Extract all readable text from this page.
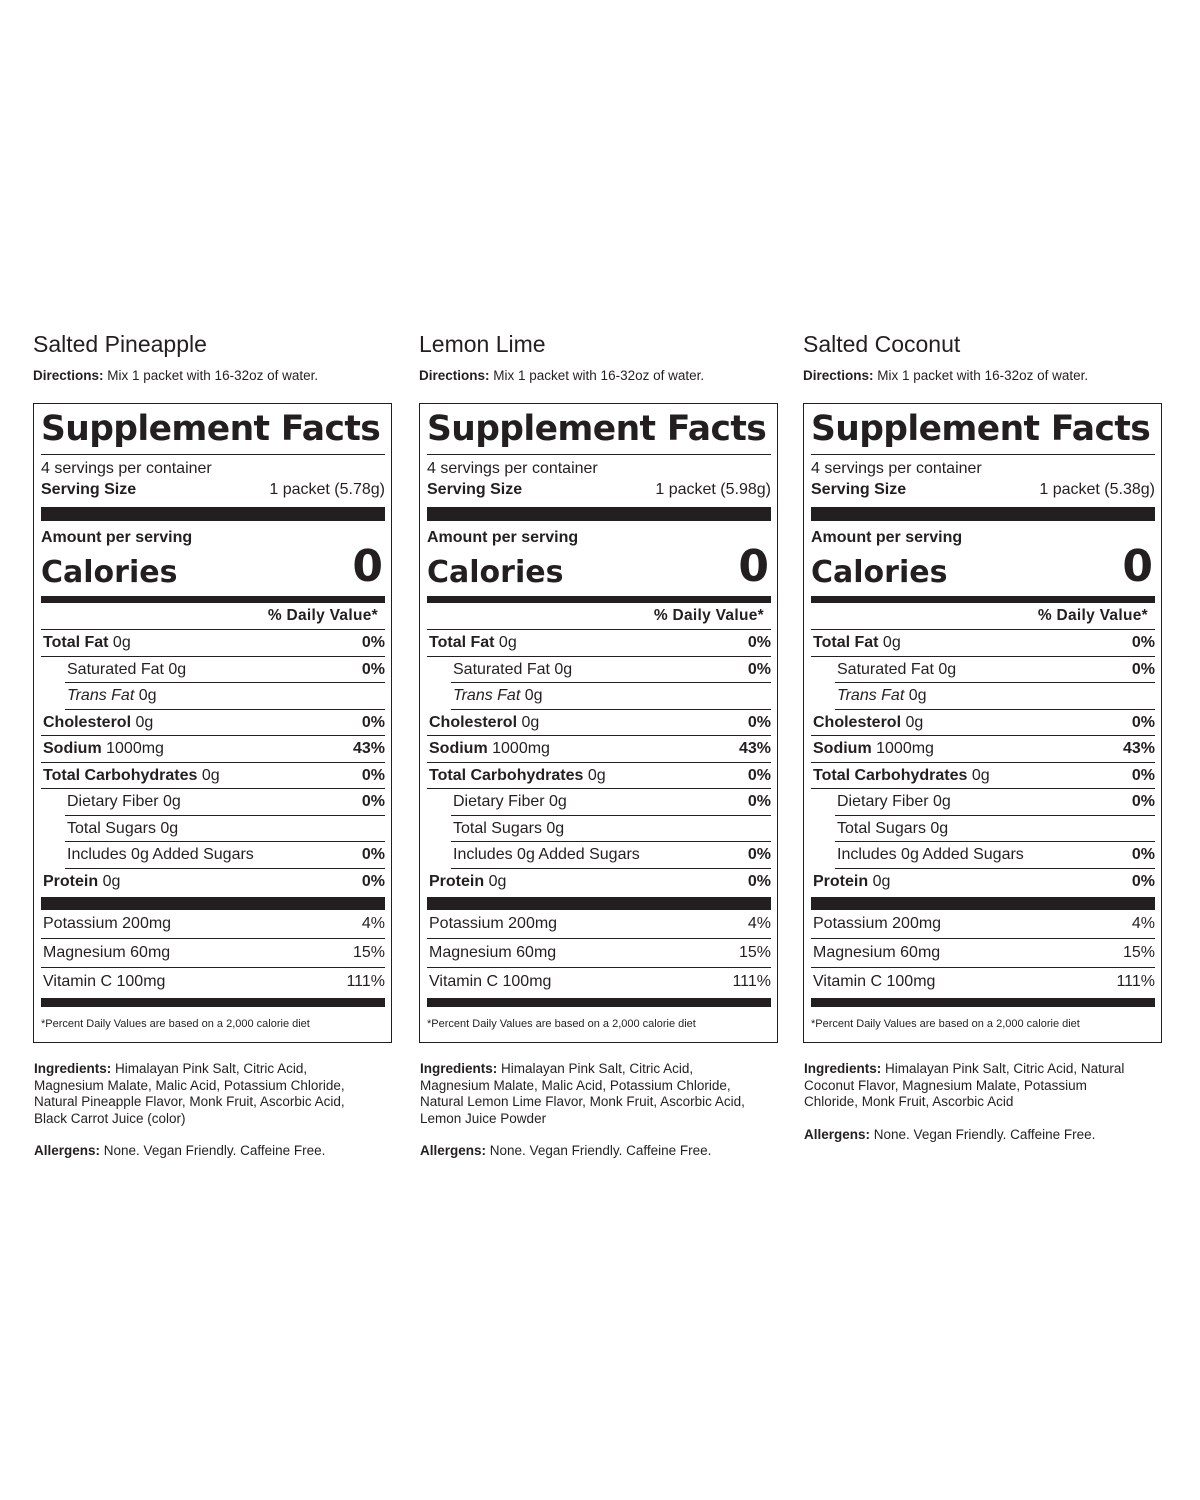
Salted Pineapple

Directions: Mix 1 packet with 16-32oz of water.

Supplement Facts
4 servings per container
Serving Size	1 packet (5.78g)
Amount per serving
Calories	0
% Daily Value*
Total Fat 0g	0%
Saturated Fat 0g	0%
Trans Fat 0g
Cholesterol 0g	0%
Sodium 1000mg	43%
Total Carbohydrates 0g	0%
Dietary Fiber 0g	0%
Total Sugars 0g
Includes 0g Added Sugars	0%
Protein 0g	0%
Potassium 200mg	4%
Magnesium 60mg	15%
Vitamin C 100mg	111%
*Percent Daily Values are based on a 2,000 calorie diet

Ingredients: Himalayan Pink Salt, Citric Acid, Magnesium Malate, Malic Acid, Potassium Chloride, Natural Pineapple Flavor, Monk Fruit, Ascorbic Acid, Black Carrot Juice (color)

Allergens: None. Vegan Friendly. Caffeine Free.

Lemon Lime

Directions: Mix 1 packet with 16-32oz of water.

Supplement Facts
4 servings per container
Serving Size	1 packet (5.98g)
Amount per serving
Calories	0
% Daily Value*
Total Fat 0g	0%
Saturated Fat 0g	0%
Trans Fat 0g
Cholesterol 0g	0%
Sodium 1000mg	43%
Total Carbohydrates 0g	0%
Dietary Fiber 0g	0%
Total Sugars 0g
Includes 0g Added Sugars	0%
Protein 0g	0%
Potassium 200mg	4%
Magnesium 60mg	15%
Vitamin C 100mg	111%
*Percent Daily Values are based on a 2,000 calorie diet

Ingredients: Himalayan Pink Salt, Citric Acid, Magnesium Malate, Malic Acid, Potassium Chloride, Natural Lemon Lime Flavor, Monk Fruit, Ascorbic Acid, Lemon Juice Powder

Allergens: None. Vegan Friendly. Caffeine Free.

Salted Coconut

Directions: Mix 1 packet with 16-32oz of water.

Supplement Facts
4 servings per container
Serving Size	1 packet (5.38g)
Amount per serving
Calories	0
% Daily Value*
Total Fat 0g	0%
Saturated Fat 0g	0%
Trans Fat 0g
Cholesterol 0g	0%
Sodium 1000mg	43%
Total Carbohydrates 0g	0%
Dietary Fiber 0g	0%
Total Sugars 0g
Includes 0g Added Sugars	0%
Protein 0g	0%
Potassium 200mg	4%
Magnesium 60mg	15%
Vitamin C 100mg	111%
*Percent Daily Values are based on a 2,000 calorie diet

Ingredients: Himalayan Pink Salt, Citric Acid, Natural Coconut Flavor, Magnesium Malate, Potassium Chloride, Monk Fruit, Ascorbic Acid

Allergens: None. Vegan Friendly. Caffeine Free.
